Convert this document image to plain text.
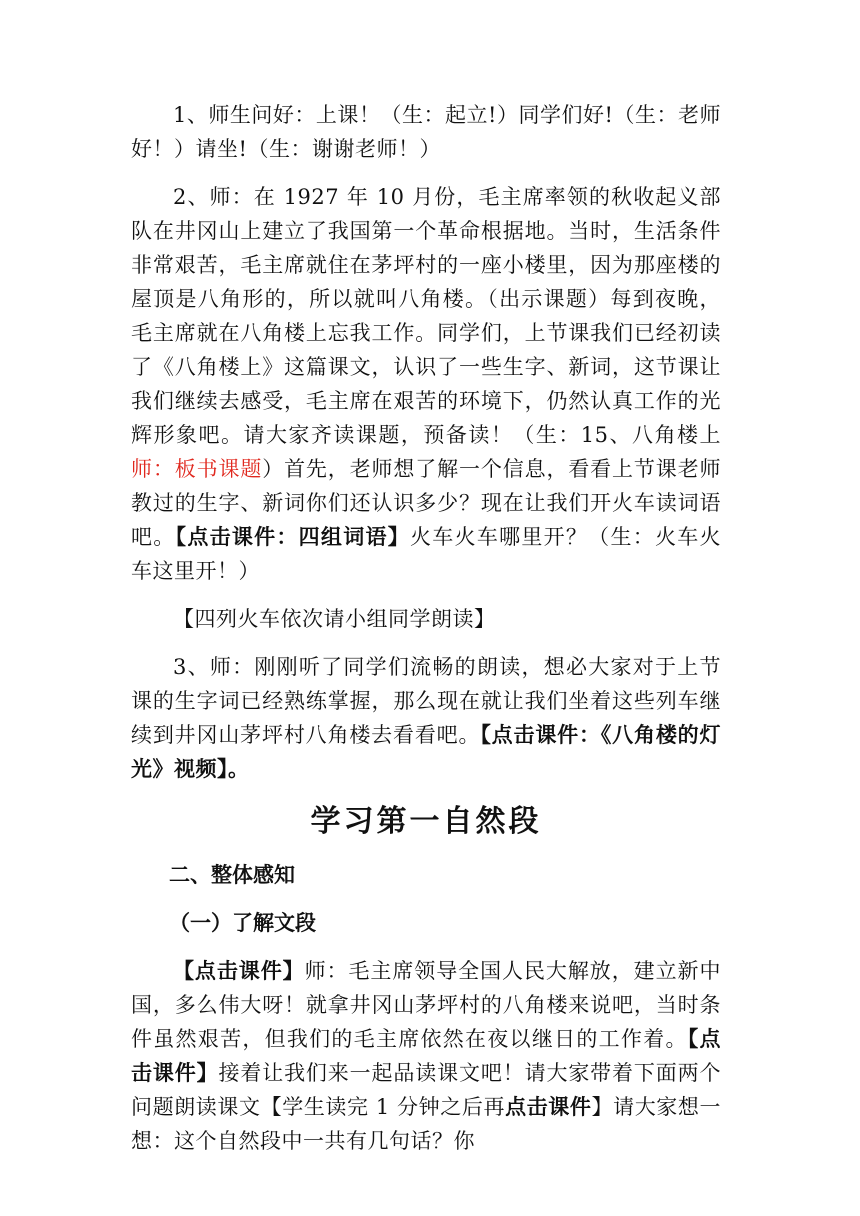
1、师生问好：上课！（生：起立!）同学们好!（生：老师好！）请坐!（生：谢谢老师！）

2、师：在 1927 年 10 月份，毛主席率领的秋收起义部队在井冈山上建立了我国第一个革命根据地。当时，生活条件非常艰苦，毛主席就住在茅坪村的一座小楼里，因为那座楼的屋顶是八角形的，所以就叫八角楼。（出示课题）每到夜晚，毛主席就在八角楼上忘我工作。同学们，上节课我们已经初读了《八角楼上》这篇课文，认识了一些生字、新词，这节课让我们继续去感受，毛主席在艰苦的环境下，仍然认真工作的光辉形象吧。请大家齐读课题，预备读！（生：15、八角楼上 师：板书课题）首先，老师想了解一个信息，看看上节课老师教过的生字、新词你们还认识多少？现在让我们开火车读词语吧。【点击课件：四组词语】火车火车哪里开？（生：火车火车这里开！）

【四列火车依次请小组同学朗读】

3、师：刚刚听了同学们流畅的朗读，想必大家对于上节课的生字词已经熟练掌握，那么现在就让我们坐着这些列车继续到井冈山茅坪村八角楼去看看吧。【点击课件：《八角楼的灯光》视频】。

学习第一自然段
二、整体感知
（一）了解文段

【点击课件】师：毛主席领导全国人民大解放，建立新中国，多么伟大呀！就拿井冈山茅坪村的八角楼来说吧，当时条件虽然艰苦，但我们的毛主席依然在夜以继日的工作着。【点击课件】接着让我们来一起品读课文吧！请大家带着下面两个问题朗读课文【学生读完 1 分钟之后再点击课件】请大家想一想：这个自然段中一共有几句话？你
